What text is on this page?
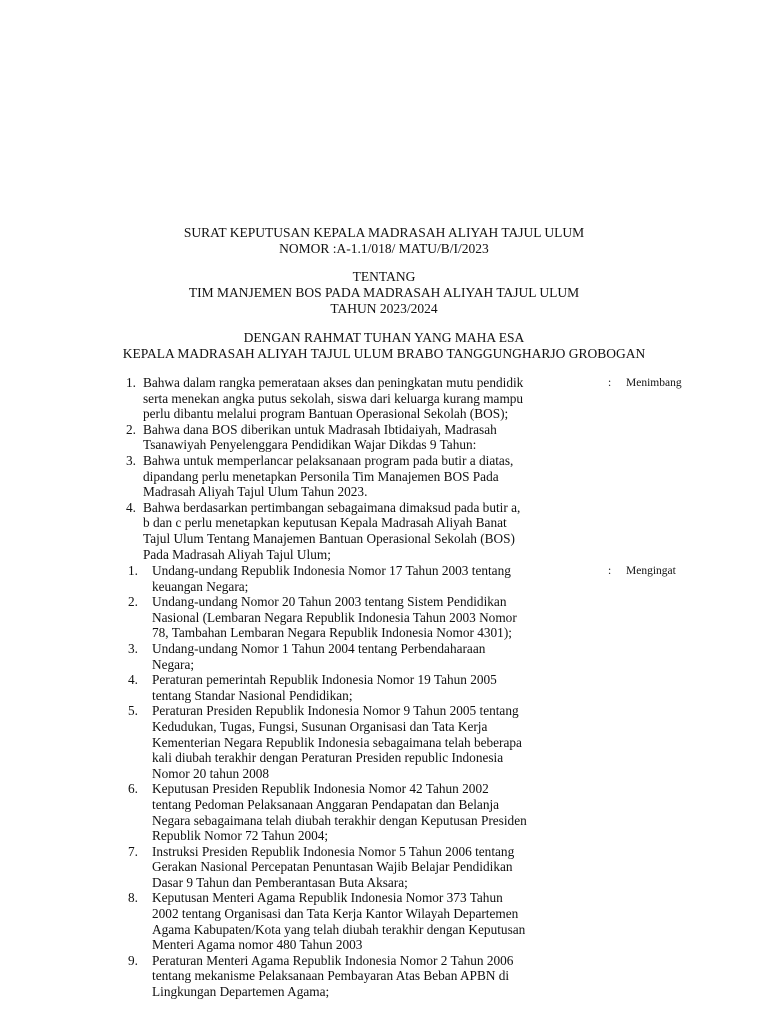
SURAT KEPUTUSAN KEPALA MADRASAH ALIYAH TAJUL ULUM
NOMOR :A-1.1/018/ MATU/B/I/2023
TENTANG
TIM MANJEMEN BOS PADA MADRASAH ALIYAH TAJUL ULUM
TAHUN 2023/2024
DENGAN RAHMAT TUHAN YANG MAHA ESA
KEPALA MADRASAH ALIYAH TAJUL ULUM BRABO TANGGUNGHARJO GROBOGAN
1. Bahwa dalam rangka pemerataan akses dan peningkatan mutu pendidik
serta menekan angka putus sekolah, siswa dari keluarga kurang mampu
perlu dibantu melalui program Bantuan Operasional Sekolah (BOS);
2. Bahwa dana BOS diberikan untuk Madrasah Ibtidaiyah, Madrasah
Tsanawiyah Penyelenggara Pendidikan Wajar Dikdas 9 Tahun:
3. Bahwa untuk memperlancar pelaksanaan program pada butir a diatas,
dipandang perlu menetapkan Personila Tim Manajemen BOS Pada
Madrasah Aliyah Tajul Ulum Tahun 2023.
4. Bahwa berdasarkan pertimbangan sebagaimana dimaksud pada butir a,
b dan c perlu menetapkan keputusan Kepala Madrasah Aliyah Banat
Tajul Ulum Tentang Manajemen Bantuan Operasional Sekolah (BOS)
Pada Madrasah Aliyah Tajul Ulum;
: Menimbang
1. Undang-undang Republik Indonesia Nomor 17 Tahun 2003 tentang
keuangan Negara;
2. Undang-undang Nomor 20 Tahun 2003 tentang Sistem Pendidikan
Nasional (Lembaran Negara Republik Indonesia Tahun 2003 Nomor
78, Tambahan Lembaran Negara Republik Indonesia Nomor 4301);
3. Undang-undang Nomor 1 Tahun 2004 tentang Perbendaharaan
Negara;
4. Peraturan pemerintah Republik Indonesia Nomor 19 Tahun 2005
tentang Standar Nasional Pendidikan;
5. Peraturan Presiden Republik Indonesia Nomor 9 Tahun 2005 tentang
Kedudukan, Tugas, Fungsi, Susunan Organisasi dan Tata Kerja
Kementerian Negara Republik Indonesia sebagaimana telah beberapa
kali diubah terakhir dengan Peraturan Presiden republic Indonesia
Nomor 20 tahun 2008
6. Keputusan Presiden Republik Indonesia Nomor 42 Tahun 2002
tentang Pedoman Pelaksanaan Anggaran Pendapatan dan Belanja
Negara sebagaimana telah diubah terakhir dengan Keputusan Presiden
Republik Nomor 72 Tahun 2004;
7. Instruksi Presiden Republik Indonesia Nomor 5 Tahun 2006 tentang
Gerakan Nasional Percepatan Penuntasan Wajib Belajar Pendidikan
Dasar 9 Tahun dan Pemberantasan Buta Aksara;
8. Keputusan Menteri Agama Republik Indonesia Nomor 373 Tahun
2002 tentang Organisasi dan Tata Kerja Kantor Wilayah Departemen
Agama Kabupaten/Kota yang telah diubah terakhir dengan Keputusan
Menteri Agama nomor 480 Tahun 2003
9. Peraturan Menteri Agama Republik Indonesia Nomor 2 Tahun 2006
tentang mekanisme Pelaksanaan Pembayaran Atas Beban APBN di
Lingkungan Departemen Agama;
: Mengingat
